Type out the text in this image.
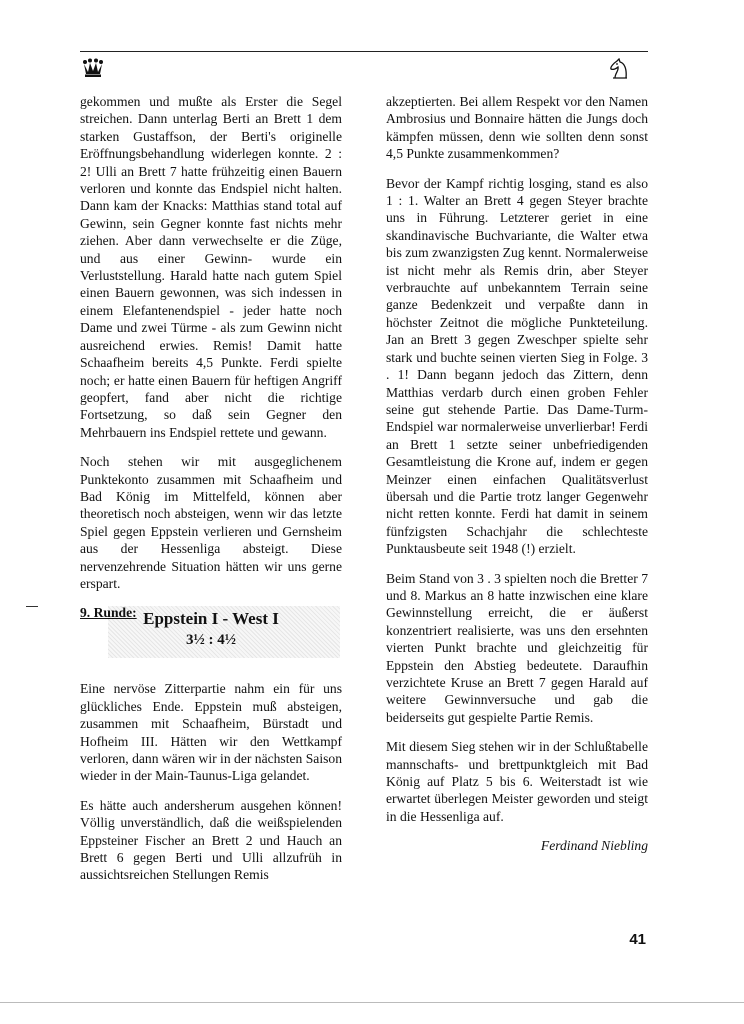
gekommen und mußte als Erster die Segel streichen. Dann unterlag Berti an Brett 1 dem starken Gustaffson, der Berti's originelle Eröffnungsbehandlung widerlegen konnte. 2 : 2! Ulli an Brett 7 hatte frühzeitig einen Bauern verloren und konnte das Endspiel nicht halten. Dann kam der Knacks: Matthias stand total auf Gewinn, sein Gegner konnte fast nichts mehr ziehen. Aber dann verwechselte er die Züge, und aus einer Gewinn- wurde ein Verluststellung. Harald hatte nach gutem Spiel einen Bauern gewonnen, was sich indessen in einem Elefantenendspiel - jeder hatte noch Dame und zwei Türme - als zum Gewinn nicht ausreichend erwies. Remis! Damit hatte Schaafheim bereits 4,5 Punkte. Ferdi spielte noch; er hatte einen Bauern für heftigen Angriff geopfert, fand aber nicht die richtige Fortsetzung, so daß sein Gegner den Mehrbauern ins Endspiel rettete und gewann.

Noch stehen wir mit ausgeglichenem Punktekonto zusammen mit Schaafheim und Bad König im Mittelfeld, können aber theoretisch noch absteigen, wenn wir das letzte Spiel gegen Eppstein verlieren und Gernsheim aus der Hessenliga absteigt. Diese nervenzehrende Situation hätten wir uns gerne erspart.

9. Runde: Eppstein I - West I
3½ : 4½

Eine nervöse Zitterpartie nahm ein für uns glückliches Ende. Eppstein muß absteigen, zusammen mit Schaafheim, Bürstadt und Hofheim III. Hätten wir den Wettkampf verloren, dann wären wir in der nächsten Saison wieder in der Main-Taunus-Liga gelandet.

Es hätte auch andersherum ausgehen können! Völlig unverständlich, daß die weißspielenden Eppsteiner Fischer an Brett 2 und Hauch an Brett 6 gegen Berti und Ulli allzufrüh in aussichtsreichen Stellungen Remis

akzeptierten. Bei allem Respekt vor den Namen Ambrosius und Bonnaire hätten die Jungs doch kämpfen müssen, denn wie sollten denn sonst 4,5 Punkte zusammenkommen?

Bevor der Kampf richtig losging, stand es also 1 : 1. Walter an Brett 4 gegen Steyer brachte uns in Führung. Letzterer geriet in eine skandinavische Buchvariante, die Walter etwa bis zum zwanzigsten Zug kennt. Normalerweise ist nicht mehr als Remis drin, aber Steyer verbrauchte auf unbekanntem Terrain seine ganze Bedenkzeit und verpaßte dann in höchster Zeitnot die mögliche Punkteteilung. Jan an Brett 3 gegen Zweschper spielte sehr stark und buchte seinen vierten Sieg in Folge. 3 . 1! Dann begann jedoch das Zittern, denn Matthias verdarb durch einen groben Fehler seine gut stehende Partie. Das Dame-Turm-Endspiel war normalerweise unverlierbar! Ferdi an Brett 1 setzte seiner unbefriedigenden Gesamtleistung die Krone auf, indem er gegen Meinzer einen einfachen Qualitätsverlust übersah und die Partie trotz langer Gegenwehr nicht retten konnte. Ferdi hat damit in seinem fünfzigsten Schachjahr die schlechteste Punktausbeute seit 1948 (!) erzielt.

Beim Stand von 3 . 3 spielten noch die Bretter 7 und 8. Markus an 8 hatte inzwischen eine klare Gewinnstellung erreicht, die er äußerst konzentriert realisierte, was uns den ersehnten vierten Punkt brachte und gleichzeitig für Eppstein den Abstieg bedeutete. Daraufhin verzichtete Kruse an Brett 7 gegen Harald auf weitere Gewinnversuche und gab die beiderseits gut gespielte Partie Remis.

Mit diesem Sieg stehen wir in der Schlußtabelle mannschafts- und brettpunktgleich mit Bad König auf Platz 5 bis 6. Weiterstadt ist wie erwartet überlegen Meister geworden und steigt in die Hessenliga auf.

Ferdinand Niebling
41
